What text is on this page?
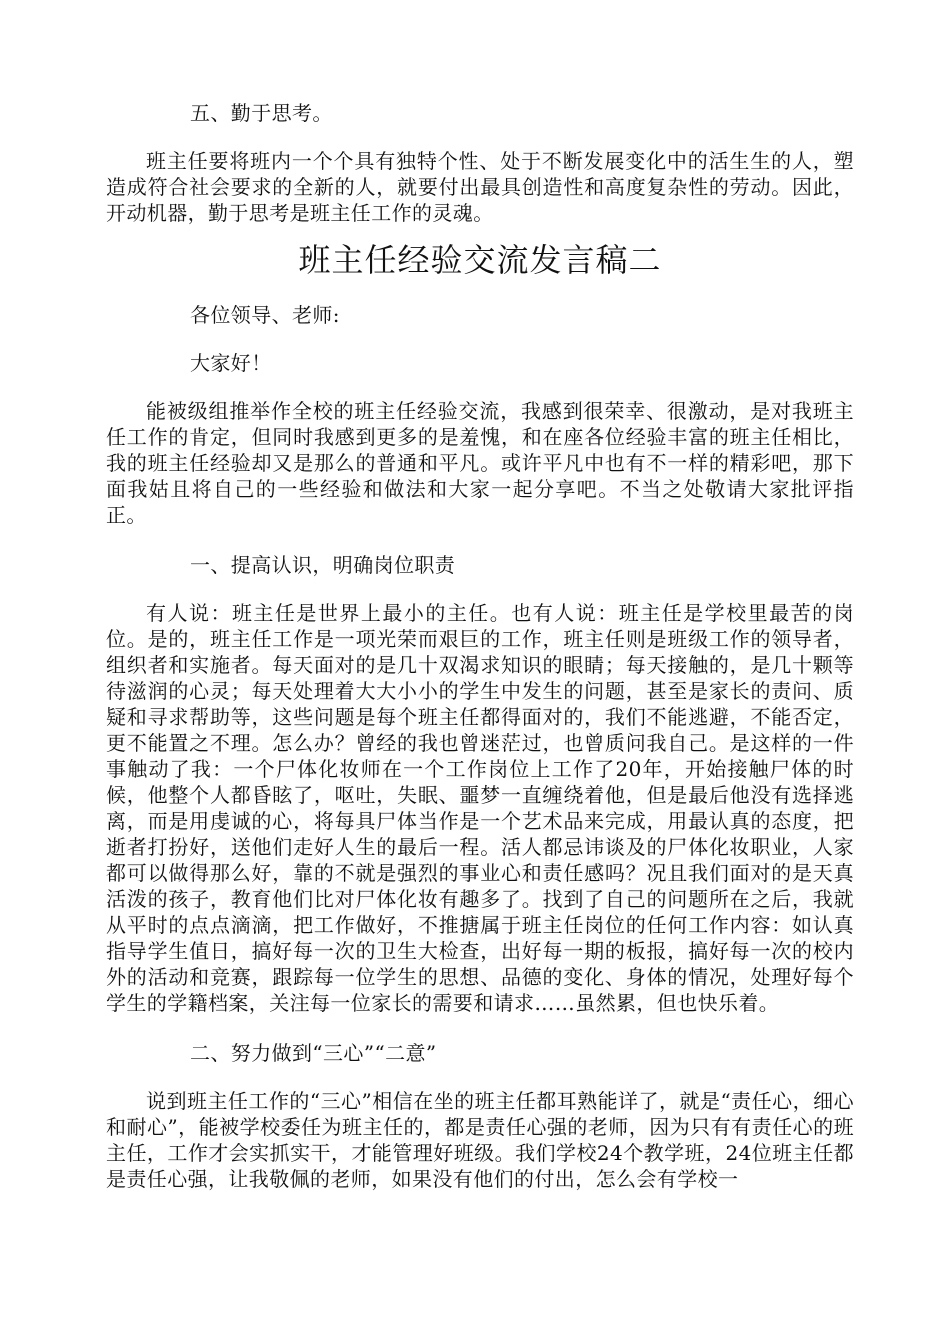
五、勤于思考。

班主任要将班内一个个具有独特个性、处于不断发展变化中的活生生的人，塑造成符合社会要求的全新的人，就要付出最具创造性和高度复杂性的劳动。因此，开动机器，勤于思考是班主任工作的灵魂。

班主任经验交流发言稿二

各位领导、老师:

大家好！

能被级组推举作全校的班主任经验交流，我感到很荣幸、很激动，是对我班主任工作的肯定，但同时我感到更多的是羞愧，和在座各位经验丰富的班主任相比，我的班主任经验却又是那么的普通和平凡。或许平凡中也有不一样的精彩吧，那下面我姑且将自己的一些经验和做法和大家一起分享吧。不当之处敬请大家批评指正。

一、提高认识，明确岗位职责

有人说：班主任是世界上最小的主任。也有人说：班主任是学校里最苦的岗位。是的，班主任工作是一项光荣而艰巨的工作，班主任则是班级工作的领导者，组织者和实施者。每天面对的是几十双渴求知识的眼睛；每天接触的，是几十颗等待滋润的心灵；每天处理着大大小小的学生中发生的问题，甚至是家长的责问、质疑和寻求帮助等，这些问题是每个班主任都得面对的，我们不能逃避，不能否定，更不能置之不理。怎么办？曾经的我也曾迷茫过，也曾质问我自己。是这样的一件事触动了我：一个尸体化妆师在一个工作岗位上工作了20年，开始接触尸体的时候，他整个人都昏眩了，呕吐，失眠、噩梦一直缠绕着他，但是最后他没有选择逃离，而是用虔诚的心，将每具尸体当作是一个艺术品来完成，用最认真的态度，把逝者打扮好，送他们走好人生的最后一程。活人都忌讳谈及的尸体化妆职业，人家都可以做得那么好，靠的不就是强烈的事业心和责任感吗？况且我们面对的是天真活泼的孩子，教育他们比对尸体化妆有趣多了。找到了自己的问题所在之后，我就从平时的点点滴滴，把工作做好，不推搪属于班主任岗位的任何工作内容：如认真指导学生值日，搞好每一次的卫生大检查，出好每一期的板报，搞好每一次的校内外的活动和竞赛，跟踪每一位学生的思想、品德的变化、身体的情况，处理好每个学生的学籍档案，关注每一位家长的需要和请求……虽然累，但也快乐着。

二、努力做到“三心”“二意”

说到班主任工作的“三心”相信在坐的班主任都耳熟能详了，就是“责任心，细心和耐心”，能被学校委任为班主任的，都是责任心强的老师，因为只有有责任心的班主任，工作才会实抓实干，才能管理好班级。我们学校24个教学班，24位班主任都是责任心强，让我敬佩的老师，如果没有他们的付出，怎么会有学校一
